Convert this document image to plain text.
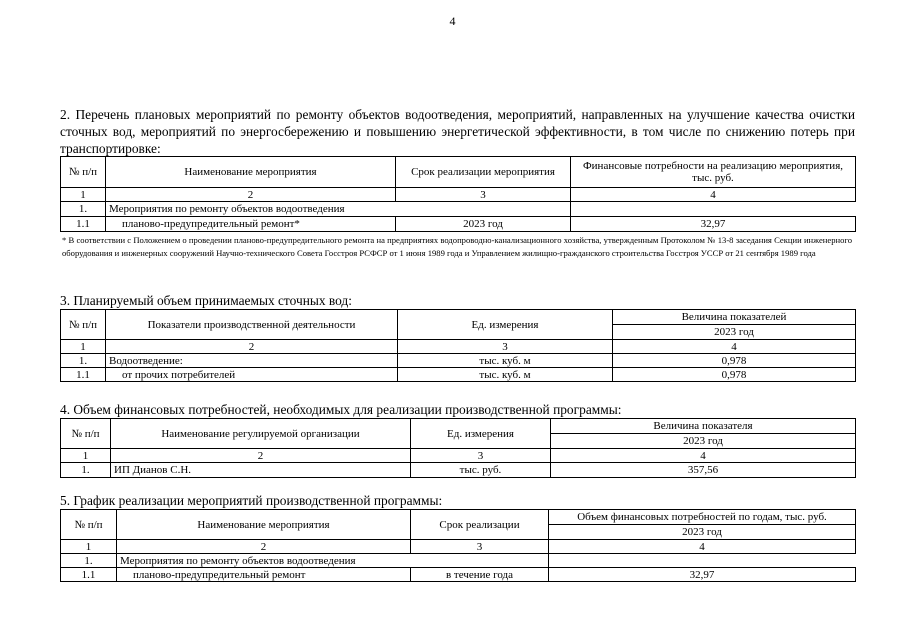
4
2. Перечень плановых мероприятий по ремонту объектов водоотведения, мероприятий, направленных на улучшение качества очистки сточных вод, мероприятий по энергосбережению и повышению энергетической эффективности, в том числе по снижению потерь при транспортировке:
№ п/п	Наименование мероприятия	Срок реализации мероприятия	Финансовые потребности на реализацию мероприятия, тыс. руб.
1	2	3	4
1.	Мероприятия по ремонту объектов водоотведения		
1.1	планово-предупредительный ремонт*	2023 год	32,97
* В соответствии с Положением о проведении планово-предупредительного ремонта на предприятиях водопроводно-канализационного хозяйства, утвержденным Протоколом № 13-8 заседания Секции инженерного оборудования и инженерных сооружений Научно-технического Совета Госстроя РСФСР от 1 июня 1989 года и Управлением жилищно-гражданского строительства Госстроя УССР от 21 сентября 1989 года
3. Планируемый объем принимаемых сточных вод:
№ п/п	Показатели производственной деятельности	Ед. измерения	Величина показателей
			2023 год
1	2	3	4
1.	Водоотведение:	тыс. куб. м	0,978
1.1	от прочих потребителей	тыс. куб. м	0,978
4. Объем финансовых потребностей, необходимых для реализации производственной программы:
№ п/п	Наименование регулируемой организации	Ед. измерения	Величина показателя
			2023 год
1	2	3	4
1.	ИП Дианов С.Н.	тыс. руб.	357,56
5. График реализации мероприятий производственной программы:
№ п/п	Наименование мероприятия	Срок реализации	Объем финансовых потребностей по годам, тыс. руб.
			2023 год
1	2	3	4
1.	Мероприятия по ремонту объектов водоотведения		
1.1	планово-предупредительный ремонт	в течение года	32,97
